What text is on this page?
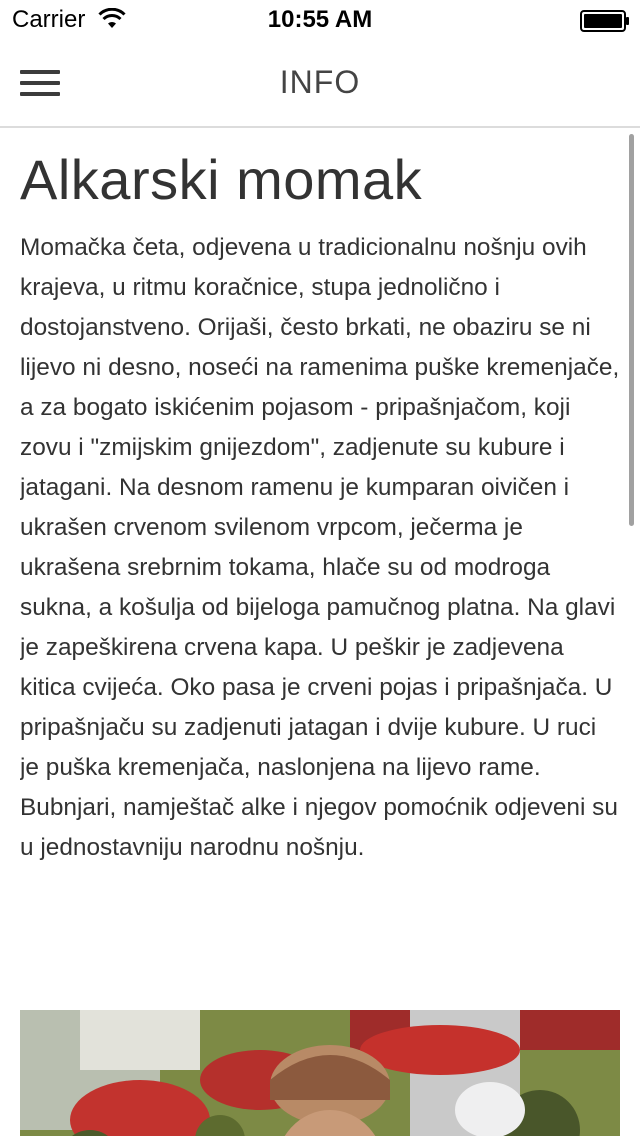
Carrier	10:55 AM
INFO
Alkarski momak

Momačka četa, odjevena u tradicionalnu nošnju ovih krajeva, u ritmu koračnice, stupa jednolično i dostojanstveno. Orijaši, često brkati, ne obaziru se ni lijevo ni desno, noseći na ramenima puške kremenjače, a za bogato iskićenim pojasom - pripašnjačom, koji zovu i "zmijskim gnijezdom", zadjenute su kubure i jatagani. Na desnom ramenu je kumparan oivičen i ukrašen crvenom svilenom vrpcom, ječerma je ukrašena srebrnim tokama, hlače su od modroga sukna, a košulja od bijeloga pamučnog platna. Na glavi je zapeškirena crvena kapa. U peškir je zadjevena kitica cvijeća. Oko pasa je crveni pojas i pripašnjača. U pripašnjaču su zadjenuti jatagan i dvije kubure. U ruci je puška kremenjača, naslonjena na lijevo rame. Bubnjari, namještač alke i njegov pomoćnik odjeveni su u jednostavniju narodnu nošnju.
